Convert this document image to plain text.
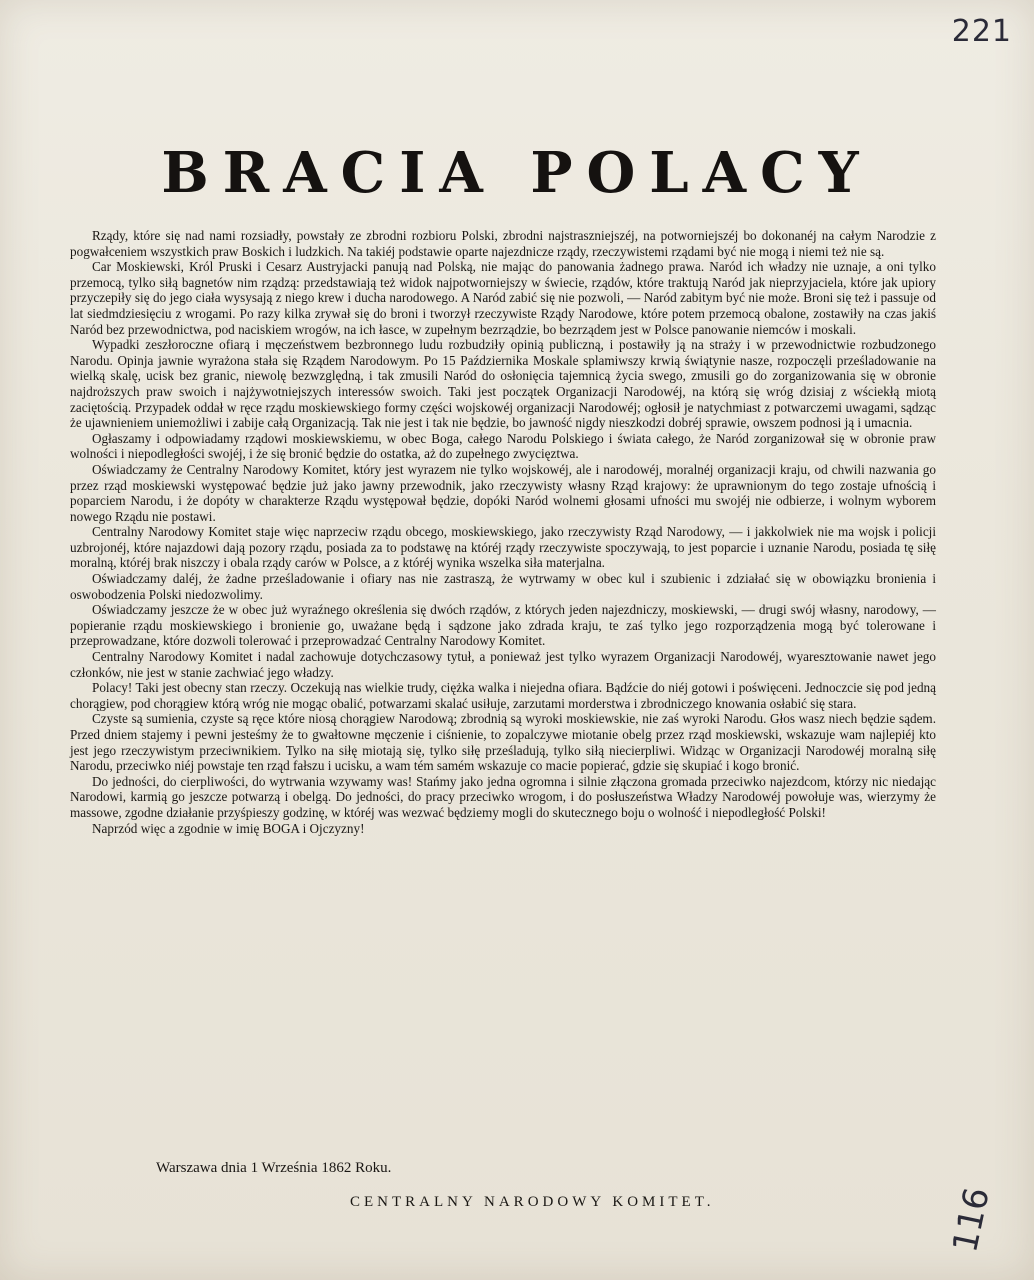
221
BRACIA POLACY

Rządy, które się nad nami rozsiadły, powstały ze zbrodni rozbioru Polski, zbrodni najstraszniejszéj, na potworniejszéj bo dokonanéj na całym Narodzie z pogwałceniem wszystkich praw Boskich i ludzkich. Na takiéj podstawie oparte najezdnicze rządy, rzeczywistemi rządami być nie mogą i niemi też nie są.

Car Moskiewski, Król Pruski i Cesarz Austryjacki panują nad Polską, nie mając do panowania żadnego prawa. Naród ich władzy nie uznaje, a oni tylko przemocą, tylko siłą bagnetów nim rządzą: przedstawiają też widok najpotworniejszy w świecie, rządów, które traktują Naród jak nieprzyjaciela, które jak upiory przyczepiły się do jego ciała wysysają z niego krew i ducha narodowego. A Naród zabić się nie pozwoli, — Naród zabitym być nie może. Broni się też i passuje od lat siedmdziesięciu z wrogami. Po razy kilka zrywał się do broni i tworzył rzeczywiste Rządy Narodowe, które potem przemocą obalone, zostawiły na czas jakiś Naród bez przewodnictwa, pod naciskiem wrogów, na ich łasce, w zupełnym bezrządzie, bo bezrządem jest w Polsce panowanie niemców i moskali.

Wypadki zeszłoroczne ofiarą i męczeństwem bezbronnego ludu rozbudziły opinią publiczną, i postawiły ją na straży i w przewodnictwie rozbudzonego Narodu. Opinja jawnie wyrażona stała się Rządem Narodowym. Po 15 Października Moskale splamiwszy krwią świątynie nasze, rozpoczęli prześladowanie na wielką skalę, ucisk bez granic, niewolę bezwzględną, i tak zmusili Naród do osłonięcia tajemnicą życia swego, zmusili go do zorganizowania się w obronie najdroższych praw swoich i najżywotniejszych interessów swoich. Taki jest początek Organizacji Narodowéj, na którą się wróg dzisiaj z wściekłą miotą zaciętością. Przypadek oddał w ręce rządu moskiewskiego formy części wojskowéj organizacji Narodowéj; ogłosił je natychmiast z potwarczemi uwagami, sądząc że ujawnieniem uniemożliwi i zabije całą Organizacją. Tak nie jest i tak nie będzie, bo jawność nigdy nieszkodzi dobréj sprawie, owszem podnosi ją i umacnia.

Ogłaszamy i odpowiadamy rządowi moskiewskiemu, w obec Boga, całego Narodu Polskiego i świata całego, że Naród zorganizował się w obronie praw wolności i niepodległości swojéj, i że się bronić będzie do ostatka, aż do zupełnego zwycięztwa.

Oświadczamy że Centralny Narodowy Komitet, który jest wyrazem nie tylko wojskowéj, ale i narodowéj, moralnéj organizacji kraju, od chwili nazwania go przez rząd moskiewski występować będzie już jako jawny przewodnik, jako rzeczywisty własny Rząd krajowy: że uprawnionym do tego zostaje ufnością i poparciem Narodu, i że dopóty w charakterze Rządu występował będzie, dopóki Naród wolnemi głosami ufności mu swojéj nie odbierze, i wolnym wyborem nowego Rządu nie postawi.

Centralny Narodowy Komitet staje więc naprzeciw rządu obcego, moskiewskiego, jako rzeczywisty Rząd Narodowy, — i jakkolwiek nie ma wojsk i policji uzbrojonéj, które najazdowi dają pozory rządu, posiada za to podstawę na któréj rządy rzeczywiste spoczywają, to jest poparcie i uznanie Narodu, posiada tę siłę moralną, któréj brak niszczy i obala rządy carów w Polsce, a z któréj wynika wszelka siła materjalna.

Oświadczamy daléj, że żadne prześladowanie i ofiary nas nie zastraszą, że wytrwamy w obec kul i szubienic i zdziałać się w obowiązku bronienia i oswobodzenia Polski niedozwolimy.

Oświadczamy jeszcze że w obec już wyraźnego określenia się dwóch rządów, z których jeden najezdniczy, moskiewski, — drugi swój własny, narodowy, — popieranie rządu moskiewskiego i bronienie go, uważane będą i sądzone jako zdrada kraju, te zaś tylko jego rozporządzenia mogą być tolerowane i przeprowadzane, które dozwoli tolerować i przeprowadzać Centralny Narodowy Komitet.

Centralny Narodowy Komitet i nadal zachowuje dotychczasowy tytuł, a ponieważ jest tylko wyrazem Organizacji Narodowéj, wyaresztowanie nawet jego członków, nie jest w stanie zachwiać jego władzy.

Polacy! Taki jest obecny stan rzeczy. Oczekują nas wielkie trudy, ciężka walka i niejedna ofiara. Bądźcie do niéj gotowi i poświęceni. Jednoczcie się pod jedną chorągiew, pod chorągiew którą wróg nie mogąc obalić, potwarzami skalać usiłuje, zarzutami morderstwa i zbrodniczego knowania osłabić się stara.

Czyste są sumienia, czyste są ręce które niosą chorągiew Narodową; zbrodnią są wyroki moskiewskie, nie zaś wyroki Narodu. Głos wasz niech będzie sądem. Przed dniem stajemy i pewni jesteśmy że to gwałtowne męczenie i ciśnienie, to zopalczywe miotanie obelg przez rząd moskiewski, wskazuje wam najlepiéj kto jest jego rzeczywistym przeciwnikiem. Tylko na siłę miotają się, tylko siłę prześladują, tylko siłą niecierpliwi. Widząc w Organizacji Narodowéj moralną siłę Narodu, przeciwko niéj powstaje ten rząd fałszu i ucisku, a wam tém samém wskazuje co macie popierać, gdzie się skupiać i kogo bronić.

Do jedności, do cierpliwości, do wytrwania wzywamy was! Stańmy jako jedna ogromna i silnie złączona gromada przeciwko najezdcom, którzy nic niedając Narodowi, karmią go jeszcze potwarzą i obelgą. Do jedności, do pracy przeciwko wrogom, i do posłuszeństwa Władzy Narodowéj powołuje was, wierzymy że massowe, zgodne działanie przyśpieszy godzinę, w któréj was wezwać będziemy mogli do skutecznego boju o wolność i niepodległość Polski!

Naprzód więc a zgodnie w imię BOGA i Ojczyzny!

Warszawa dnia 1 Września 1862 Roku.
CENTRALNY NARODOWY KOMITET.	116
